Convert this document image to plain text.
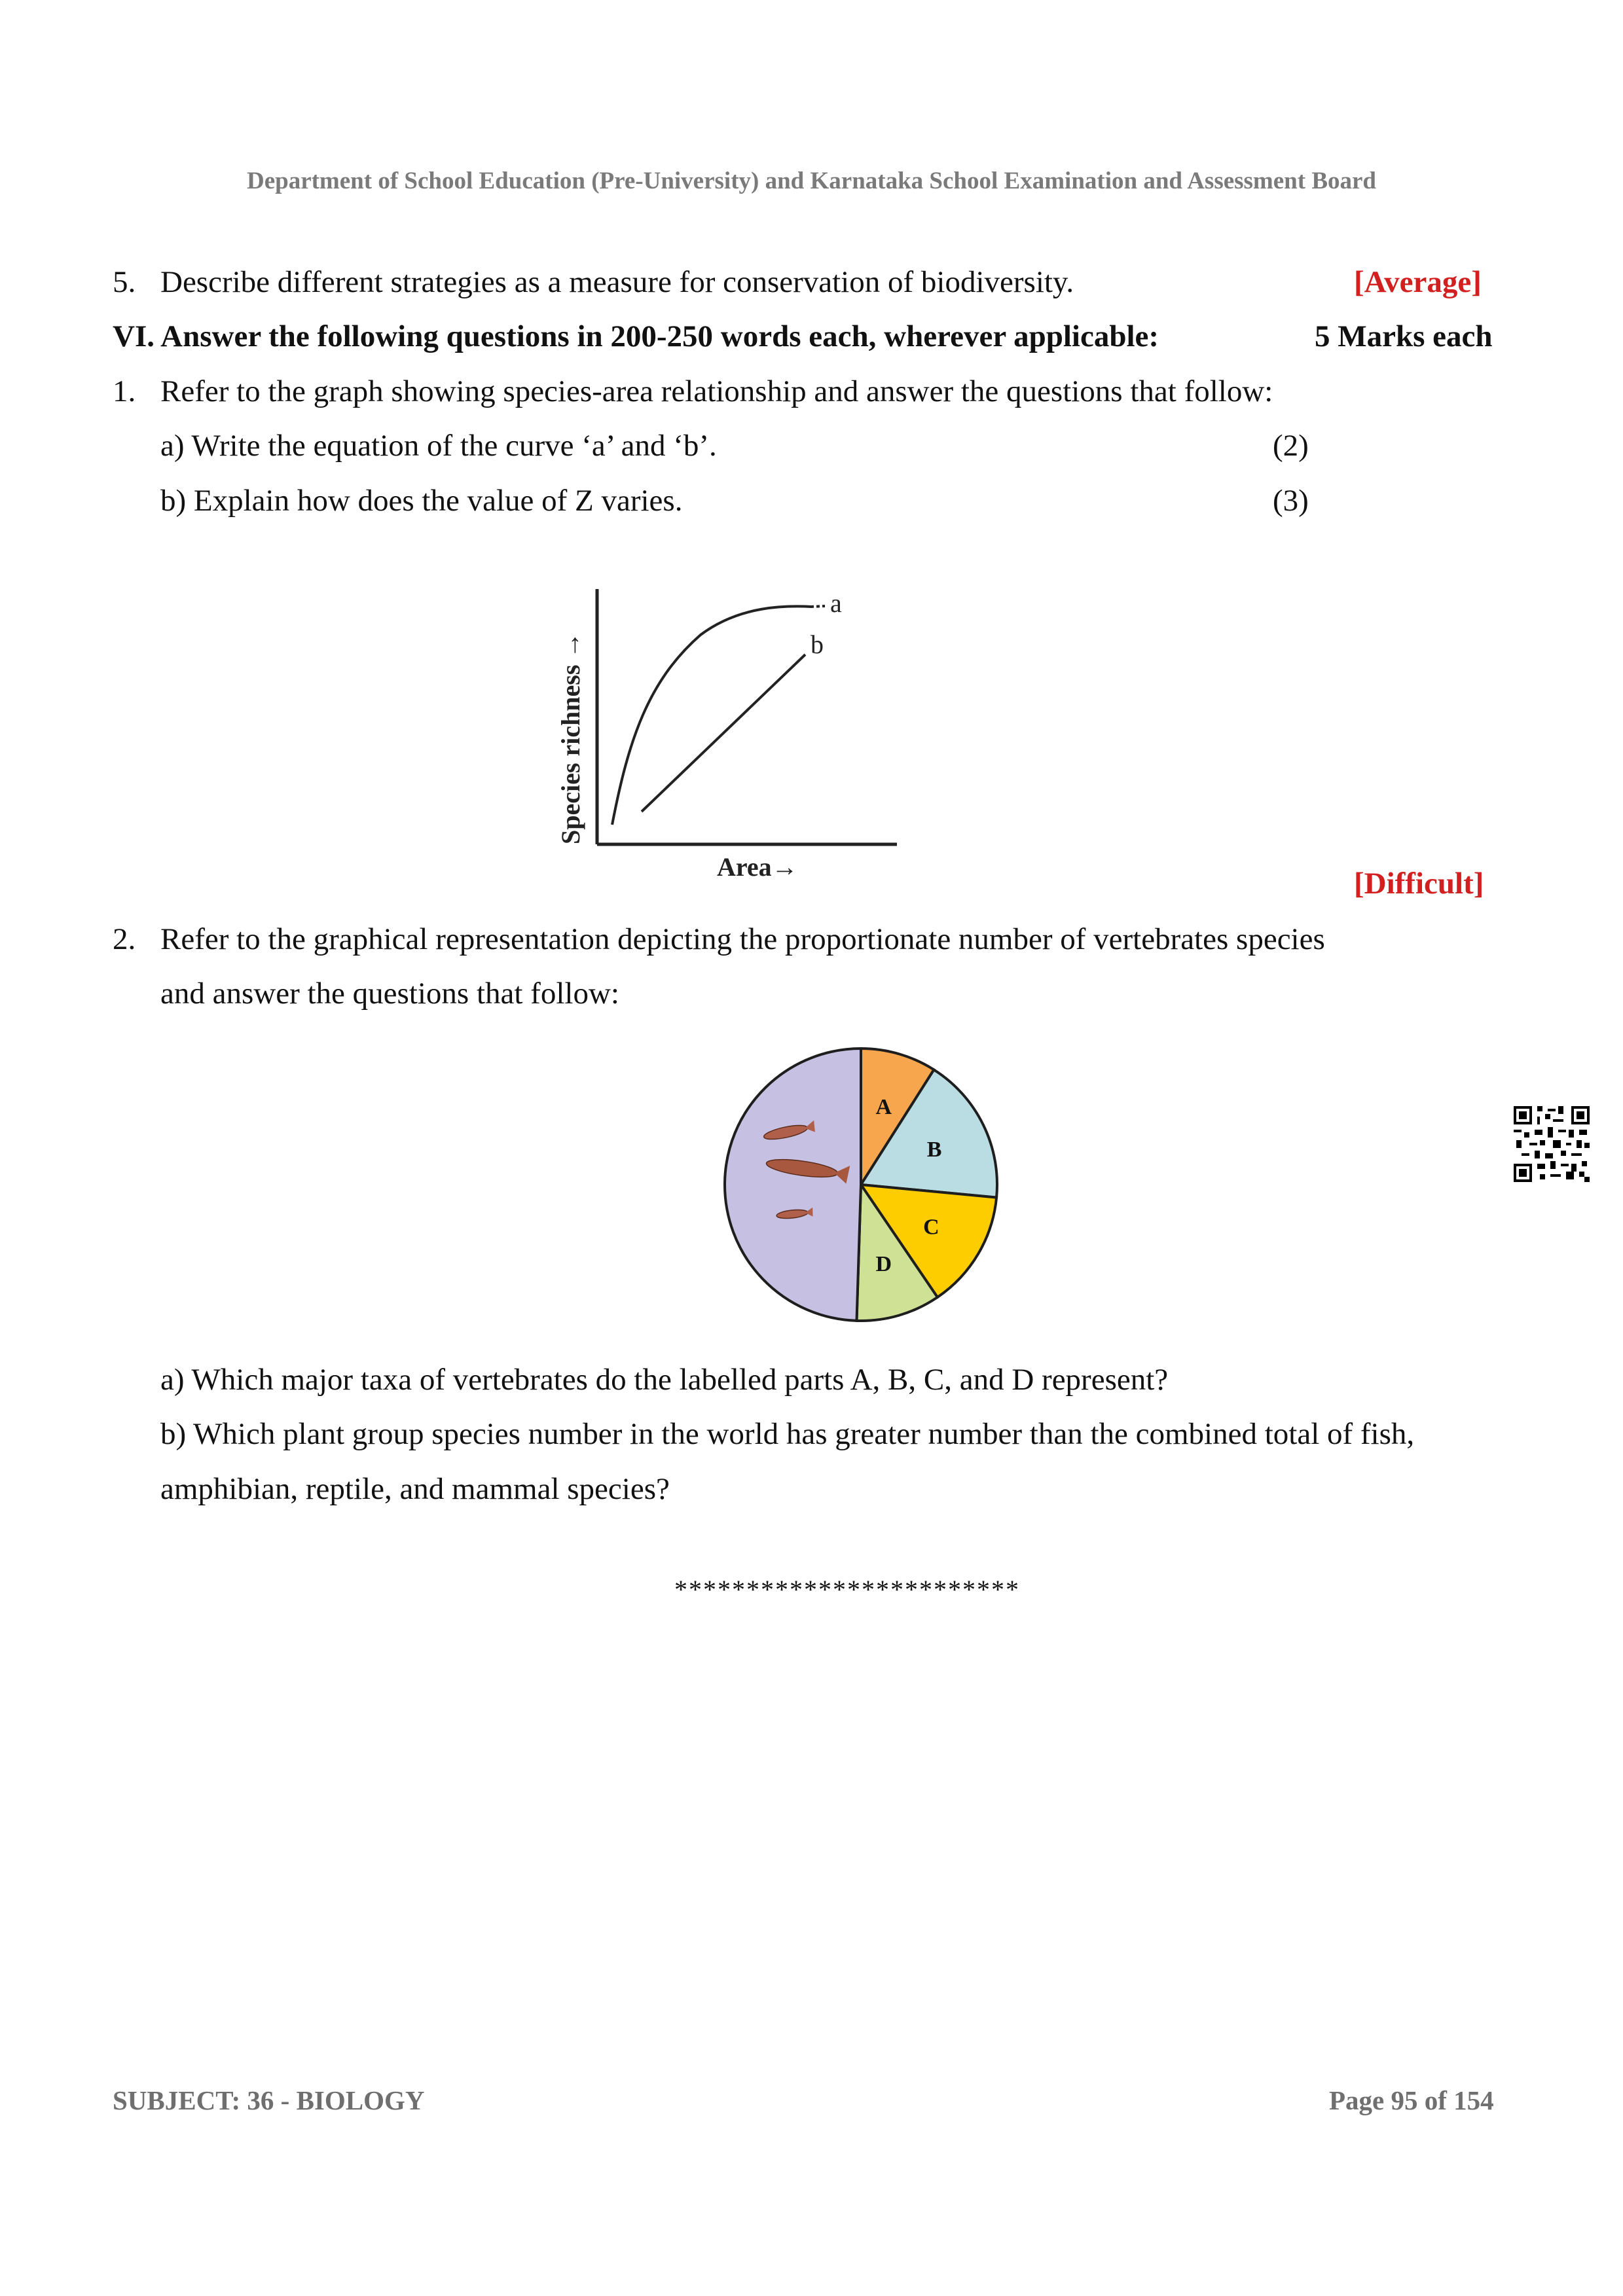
Department of School Education (Pre-University) and Karnataka School Examination and Assessment Board
5. Describe different strategies as a measure for conservation of biodiversity.	[Average]
VI. Answer the following questions in 200-250 words each, wherever applicable:	5 Marks each
1. Refer to the graph showing species-area relationship and answer the questions that follow:
a) Write the equation of the curve ‘a’ and ‘b’.	(2)
b) Explain how does the value of Z varies.	(3)
a
b
Species richness →
Area→	[Difficult]
2. Refer to the graphical representation depicting the proportionate number of vertebrates species
and answer the questions that follow:
A
B
C
D
a) Which major taxa of vertebrates do the labelled parts A, B, C, and D represent?
b) Which plant group species number in the world has greater number than the combined total of fish,
amphibian, reptile, and mammal species?
************************
SUBJECT: 36 - BIOLOGY	Page 95 of 154
